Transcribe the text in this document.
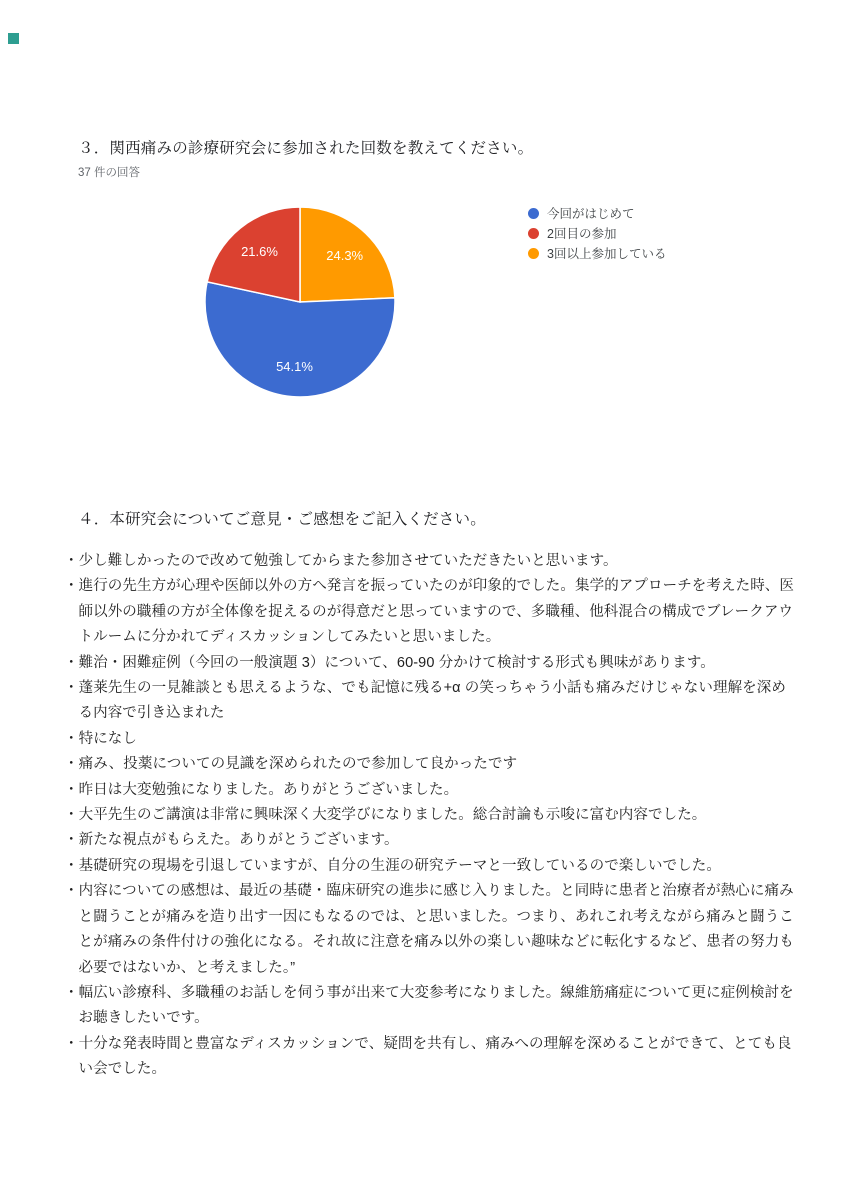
３．関西痛みの診療研究会に参加された回数を教えてください。
37 件の回答
24.3%
54.1%
21.6%
今回がはじめて
2回目の参加
3回以上参加している
４．本研究会についてご意見・ご感想をご記入ください。
・少し難しかったので改めて勉強してからまた参加させていただきたいと思います。
・進行の先生方が心理や医師以外の方へ発言を振っていたのが印象的でした。集学的アプローチを考えた時、医師以外の職種の方が全体像を捉えるのが得意だと思っていますので、多職種、他科混合の構成でブレークアウトルームに分かれてディスカッションしてみたいと思いました。
・難治・困難症例（今回の一般演題 3）について、60-90 分かけて検討する形式も興味があります。
・蓬莱先生の一見雑談とも思えるような、でも記憶に残る+α の笑っちゃう小話も痛みだけじゃない理解を深める内容で引き込まれた
・特になし
・痛み、投薬についての見識を深められたので参加して良かったです
・昨日は大変勉強になりました。ありがとうございました。
・大平先生のご講演は非常に興味深く大変学びになりました。総合討論も示唆に富む内容でした。
・新たな視点がもらえた。ありがとうございます。
・基礎研究の現場を引退していますが、自分の生涯の研究テーマと一致しているので楽しいでした。
・内容についての感想は、最近の基礎・臨床研究の進歩に感じ入りました。と同時に患者と治療者が熱心に痛みと闘うことが痛みを造り出す一因にもなるのでは、と思いました。つまり、あれこれ考えながら痛みと闘うことが痛みの条件付けの強化になる。それ故に注意を痛み以外の楽しい趣味などに転化するなど、患者の努力も必要ではないか、と考えました。”
・幅広い診療科、多職種のお話しを伺う事が出来て大変参考になりました。線維筋痛症について更に症例検討をお聴きしたいです。
・十分な発表時間と豊富なディスカッションで、疑問を共有し、痛みへの理解を深めることができて、とても良い会でした。
